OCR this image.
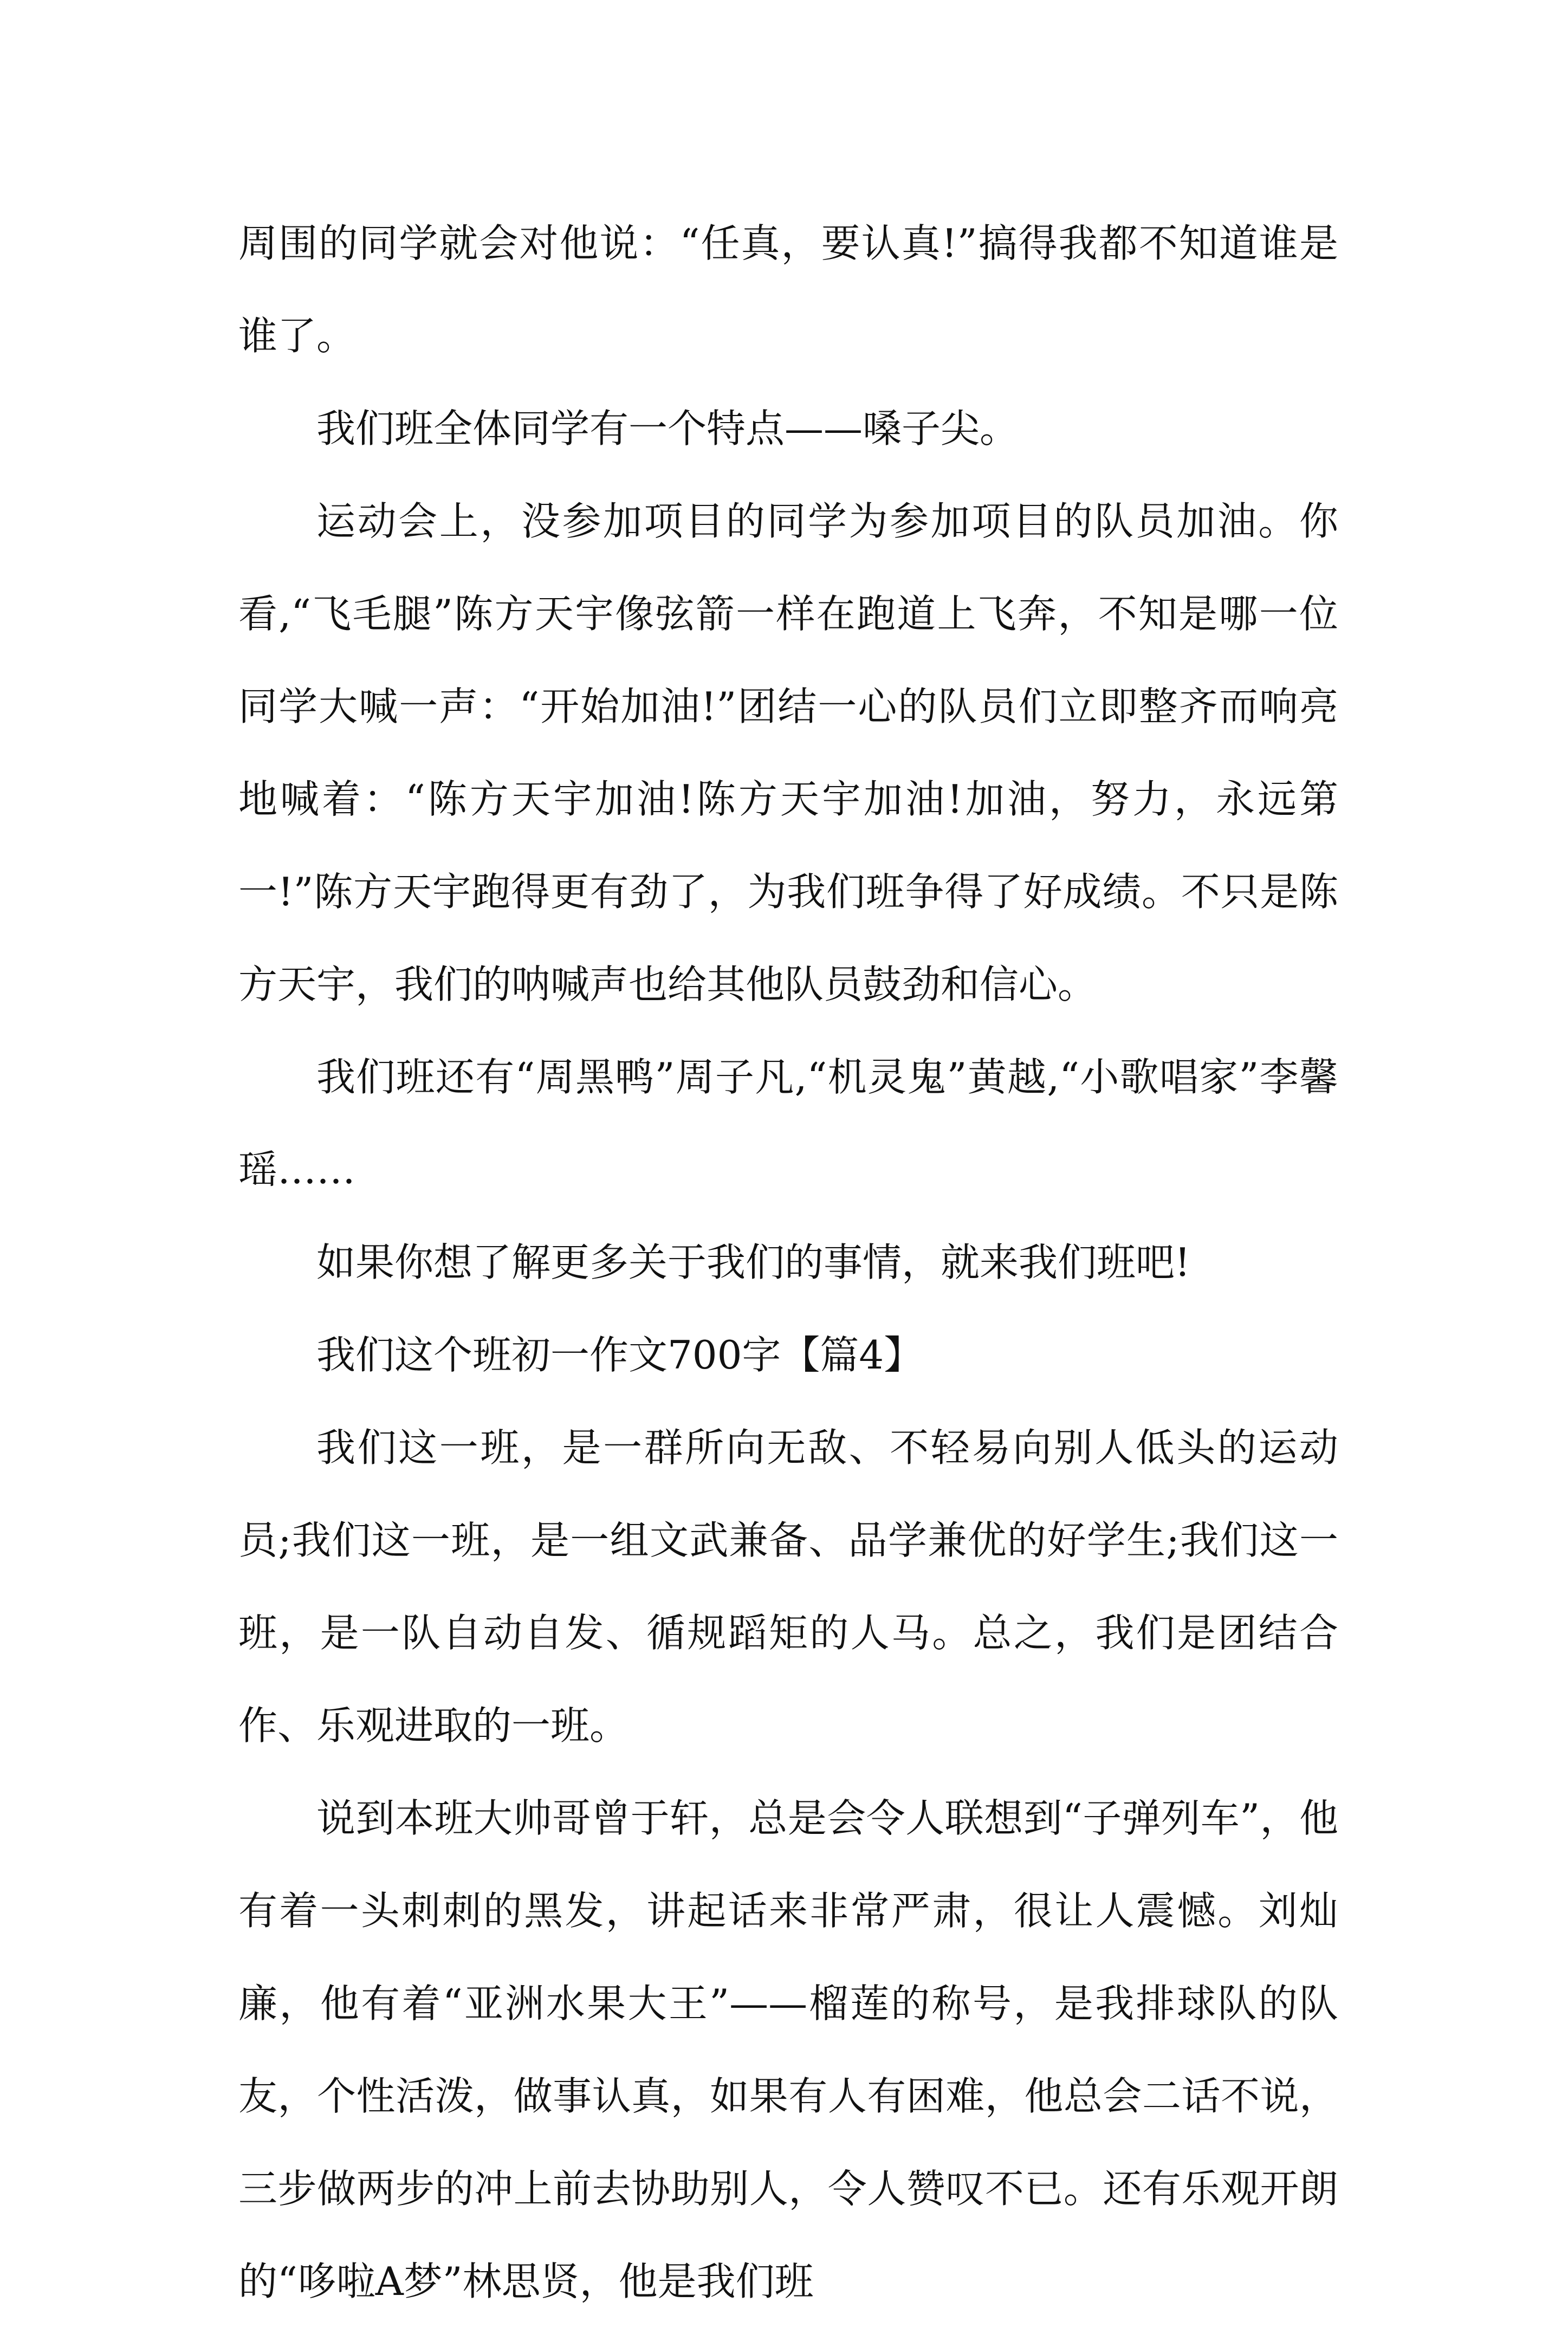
周围的同学就会对他说：“任真，要认真!”搞得我都不知道谁是谁了。

我们班全体同学有一个特点——嗓子尖。

运动会上，没参加项目的同学为参加项目的队员加油。你看,“飞毛腿”陈方天宇像弦箭一样在跑道上飞奔，不知是哪一位同学大喊一声：“开始加油!”团结一心的队员们立即整齐而响亮地喊着：“陈方天宇加油!陈方天宇加油!加油，努力，永远第一!”陈方天宇跑得更有劲了，为我们班争得了好成绩。不只是陈方天宇，我们的呐喊声也给其他队员鼓劲和信心。

我们班还有“周黑鸭”周子凡,“机灵鬼”黄越,“小歌唱家”李馨瑶……

如果你想了解更多关于我们的事情，就来我们班吧!

我们这个班初一作文700字【篇4】

我们这一班，是一群所向无敌、不轻易向别人低头的运动员;我们这一班，是一组文武兼备、品学兼优的好学生;我们这一班，是一队自动自发、循规蹈矩的人马。总之，我们是团结合作、乐观进取的一班。

说到本班大帅哥曾于轩，总是会令人联想到“子弹列车”，他有着一头刺刺的黑发，讲起话来非常严肃，很让人震憾。刘灿廉，他有着“亚洲水果大王”——榴莲的称号，是我排球队的队友，个性活泼，做事认真，如果有人有困难，他总会二话不说，三步做两步的冲上前去协助别人，令人赞叹不已。还有乐观开朗的“哆啦A梦”林思贤，他是我们班
